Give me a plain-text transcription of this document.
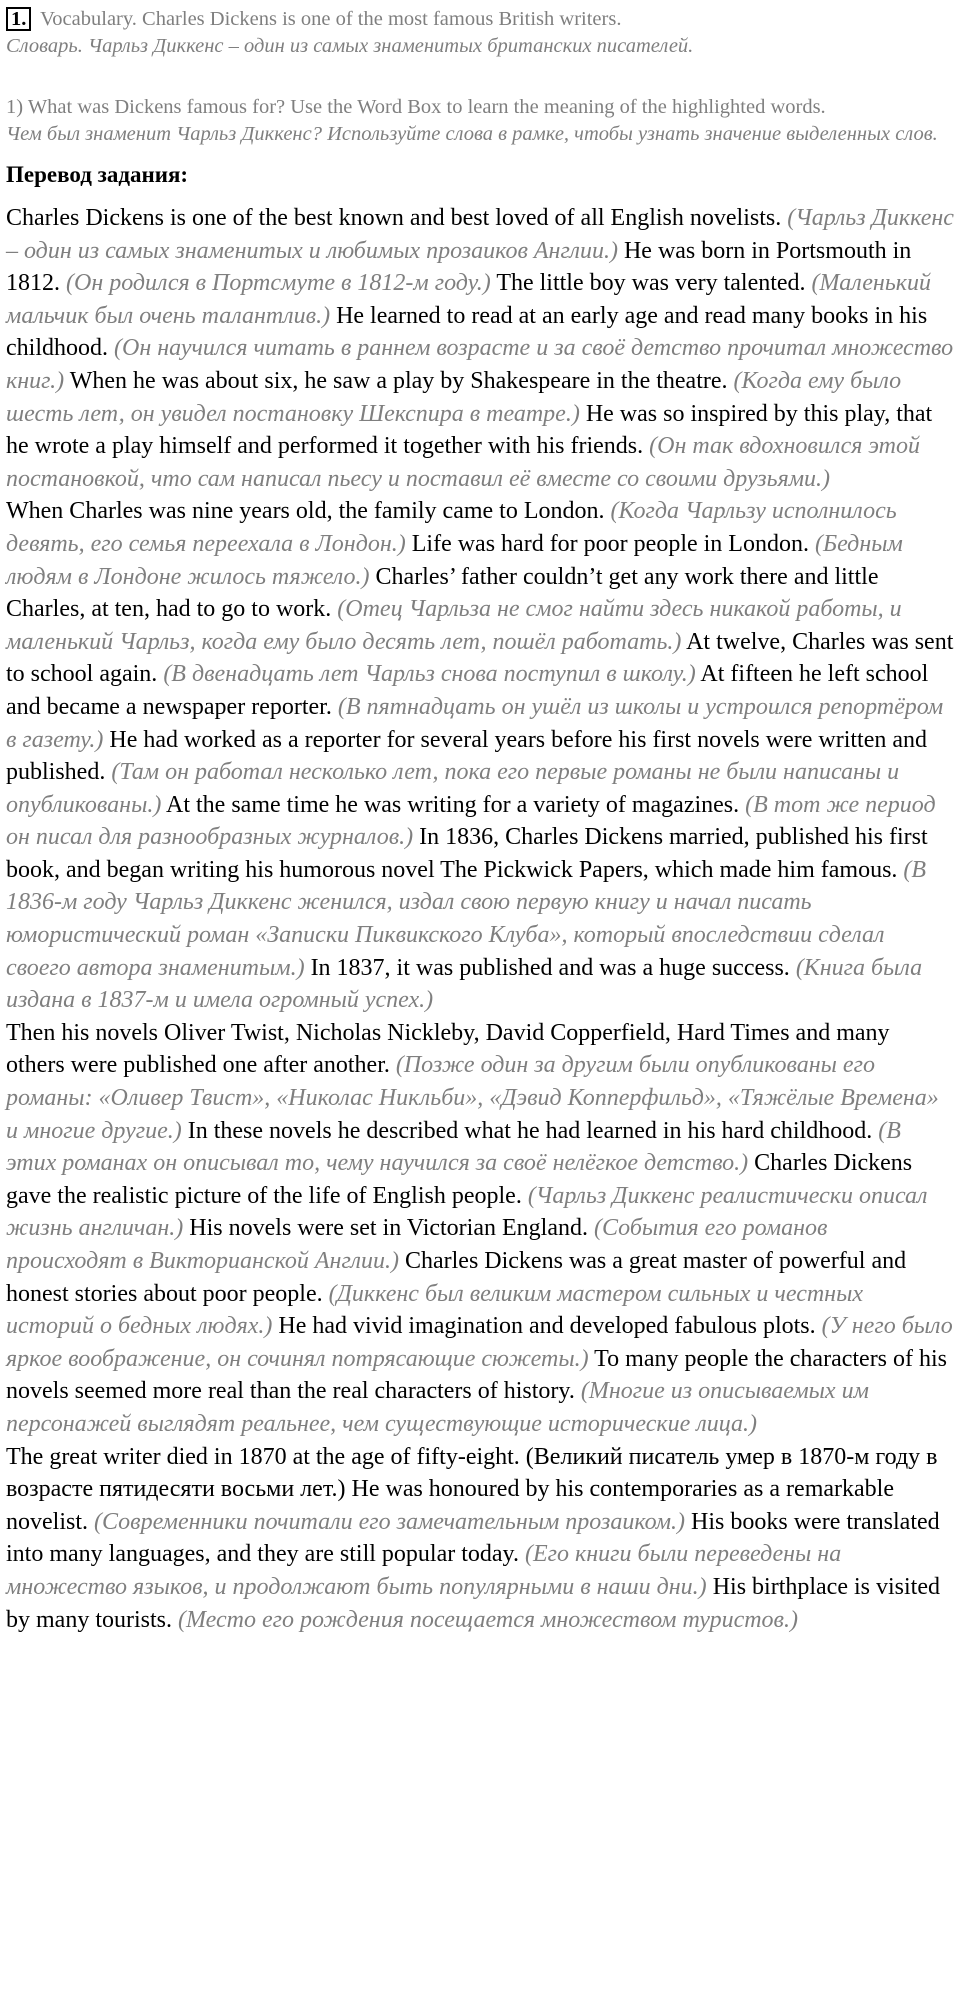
1. Vocabulary. Charles Dickens is one of the most famous British writers.
Словарь. Чарльз Диккенс – один из самых знаменитых британских писателей.
1) What was Dickens famous for? Use the Word Box to learn the meaning of the highlighted words.
Чем был знаменит Чарльз Диккенс? Используйте слова в рамке, чтобы узнать значение выделенных слов.
Перевод задания:

Charles Dickens is one of the best known and best loved of all English novelists. (Чарльз Диккенс – один из самых знаменитых и любимых прозаиков Англии.) He was born in Portsmouth in 1812. (Он родился в Портсмуте в 1812-м году.) The little boy was very talented. (Маленький мальчик был очень талантлив.) He learned to read at an early age and read many books in his childhood. (Он научился читать в раннем возрасте и за своё детство прочитал множество книг.) When he was about six, he saw a play by Shakespeare in the theatre. (Когда ему было шесть лет, он увидел постановку Шекспира в театре.) He was so inspired by this play, that he wrote a play himself and performed it together with his friends. (Он так вдохновился этой постановкой, что сам написал пьесу и поставил её вместе со своими друзьями.)

When Charles was nine years old, the family came to London. (Когда Чарльзу исполнилось девять, его семья переехала в Лондон.) Life was hard for poor people in London. (Бедным людям в Лондоне жилось тяжело.) Charles’ father couldn’t get any work there and little Charles, at ten, had to go to work. (Отец Чарльза не смог найти здесь никакой работы, и маленький Чарльз, когда ему было десять лет, пошёл работать.) At twelve, Charles was sent to school again. (В двенадцать лет Чарльз снова поступил в школу.) At fifteen he left school and became a newspaper reporter. (В пятнадцать он ушёл из школы и устроился репортёром в газету.) He had worked as a reporter for several years before his first novels were written and published. (Там он работал несколько лет, пока его первые романы не были написаны и опубликованы.) At the same time he was writing for a variety of magazines. (В тот же период он писал для разнообразных журналов.) In 1836, Charles Dickens married, published his first book, and began writing his humorous novel The Pickwick Papers, which made him famous. (В 1836-м году Чарльз Диккенс женился, издал свою первую книгу и начал писать юмористический роман «Записки Пиквикского Клуба», который впоследствии сделал своего автора знаменитым.) In 1837, it was published and was a huge success. (Книга была издана в 1837-м и имела огромный успех.)

Then his novels Oliver Twist, Nicholas Nickleby, David Copperfield, Hard Times and many others were published one after another. (Позже один за другим были опубликованы его романы: «Оливер Твист», «Николас Никльби», «Дэвид Копперфильд», «Тяжёлые Времена» и многие другие.) In these novels he described what he had learned in his hard childhood. (В этих романах он описывал то, чему научился за своё нелёгкое детство.) Charles Dickens gave the realistic picture of the life of English people. (Чарльз Диккенс реалистически описал жизнь англичан.) His novels were set in Victorian England. (События его романов происходят в Викторианской Англии.) Charles Dickens was a great master of powerful and honest stories about poor people. (Диккенс был великим мастером сильных и честных историй о бедных людях.) He had vivid imagination and developed fabulous plots. (У него было яркое воображение, он сочинял потрясающие сюжеты.) To many people the characters of his novels seemed more real than the real characters of history. (Многие из описываемых им персонажей выглядят реальнее, чем существующие исторические лица.)

The great writer died in 1870 at the age of fifty-eight. (Великий писатель умер в 1870-м году в возрасте пятидесяти восьми лет.) He was honoured by his contemporaries as a remarkable novelist. (Современники почитали его замечательным прозаиком.) His books were translated into many languages, and they are still popular today. (Его книги были переведены на множество языков, и продолжают быть популярными в наши дни.) His birthplace is visited by many tourists. (Место его рождения посещается множеством туристов.)
